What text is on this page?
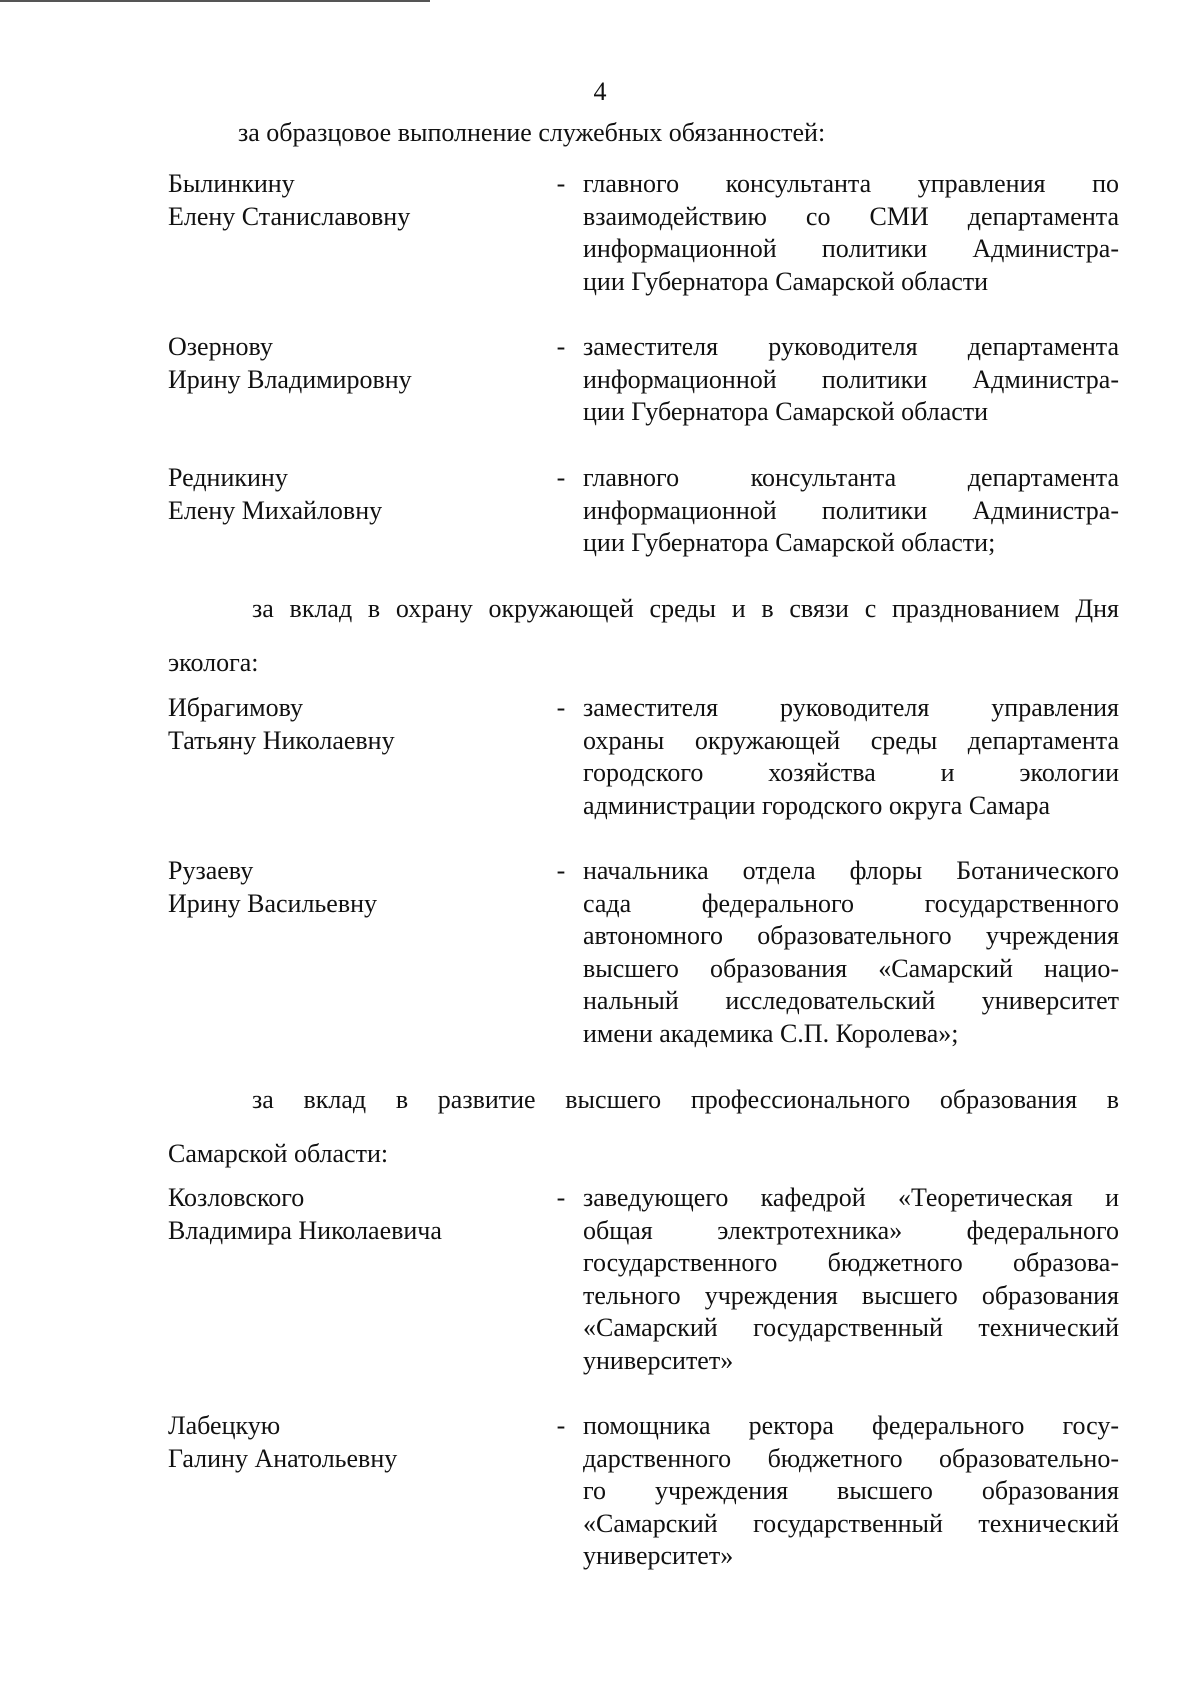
4
за образцовое выполнение служебных обязанностей:
Былинкину
Елену Станиславовну
- главного консультанта управления по
взаимодействию со СМИ департамента
информационной политики Администра-
ции Губернатора Самарской области
Озернову
Ирину Владимировну
- заместителя руководителя департамента
информационной политики Администра-
ции Губернатора Самарской области
Редникину
Елену Михайловну
- главного консультанта департамента
информационной политики Администра-
ции Губернатора Самарской области;
за вклад в охрану окружающей среды и в связи с празднованием Дня
эколога:
Ибрагимову
Татьяну Николаевну
- заместителя руководителя управления
охраны окружающей среды департамента
городского хозяйства и экологии
администрации городского округа Самара
Рузаеву
Ирину Васильевну
- начальника отдела флоры Ботанического
сада федерального государственного
автономного образовательного учреждения
высшего образования «Самарский нацио-
нальный исследовательский университет
имени академика С.П. Королева»;
за вклад в развитие высшего профессионального образования в
Самарской области:
Козловского
Владимира Николаевича
- заведующего кафедрой «Теоретическая и
общая электротехника» федерального
государственного бюджетного образова-
тельного учреждения высшего образования
«Самарский государственный технический
университет»
Лабецкую
Галину Анатольевну
- помощника ректора федерального госу-
дарственного бюджетного образовательно-
го учреждения высшего образования
«Самарский государственный технический
университет»
